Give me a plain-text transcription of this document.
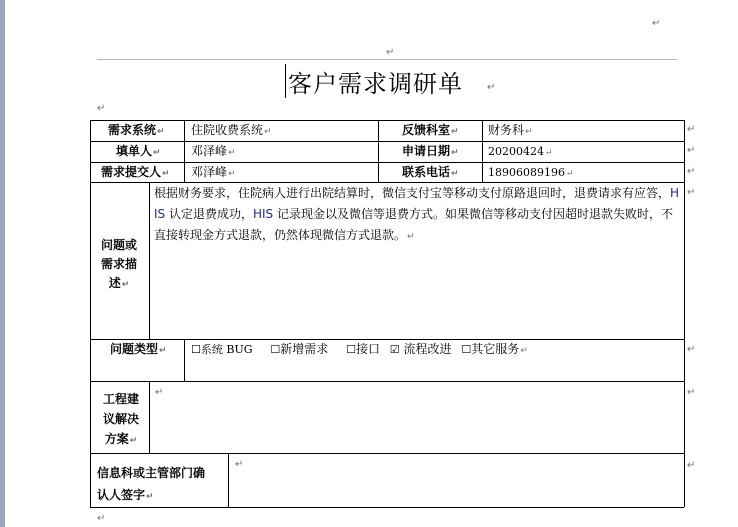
↵
↵
客户需求调研单 ↵
↵
需求系统↵ 住院收费系统↵	反馈科室↵ 财务科↵	↵
填单人↵	邓泽峰↵	申请日期↵	20200424↵	↵
需求提交人↵ 邓泽峰↵	联系电话↵	18906089196↵	↵
问题或
需求描
述↵
根据财务要求，住院病人进行出院结算时，微信支付宝等移动支付原路退回时，退费请求有应答，HIS 认定退费成功，HIS 记录现金以及微信等退费方式。如果微信等移动支付因超时退款失败时，不直接转现金方式退款，仍然体现微信方式退款。↵
↵
问题类型↵ ☐系统 BUG ☐新增需求 ☐接口 ☑ 流程改进 ☐其它服务↵	↵
工程建
议解决
方案↵
↵	↵
信息科或主管部门确
认人签字↵
↵	↵
↵
